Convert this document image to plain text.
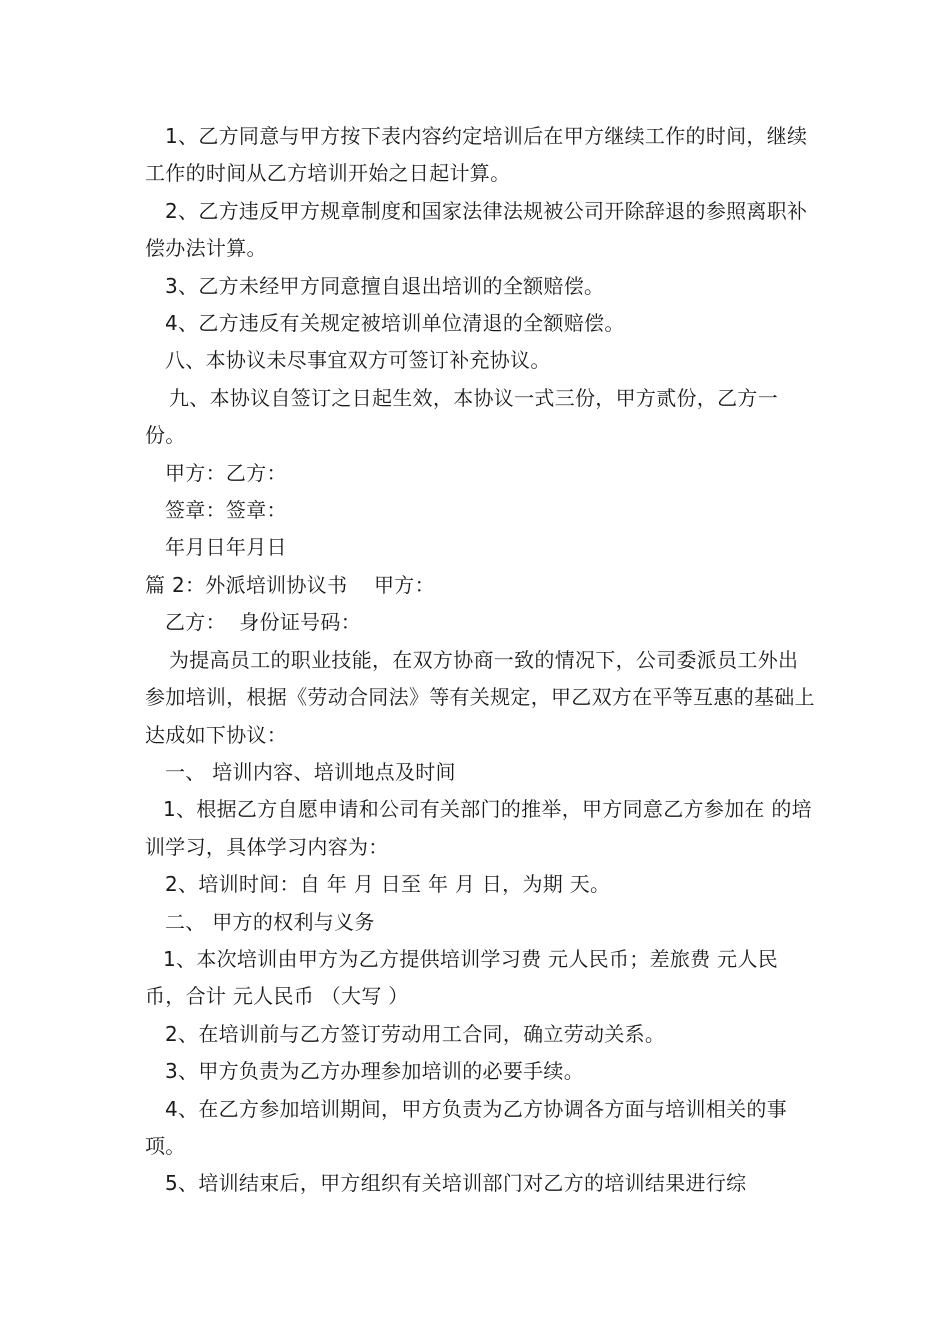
1、乙方同意与甲方按下表内容约定培训后在甲方继续工作的时间，继续工作的时间从乙方培训开始之日起计算。

2、乙方违反甲方规章制度和国家法律法规被公司开除辞退的参照离职补偿办法计算。

3、乙方未经甲方同意擅自退出培训的全额赔偿。

4、乙方违反有关规定被培训单位清退的全额赔偿。

八、本协议未尽事宜双方可签订补充协议。

九、本协议自签订之日起生效，本协议一式三份，甲方贰份，乙方一份。

甲方：乙方：

签章：签章：

年月日年月日

篇 2：外派培训协议书    甲方：

乙方：  身份证号码：

为提高员工的职业技能，在双方协商一致的情况下，公司委派员工外出参加培训，根据《劳动合同法》等有关规定，甲乙双方在平等互惠的基础上达成如下协议：

一、 培训内容、培训地点及时间

1、根据乙方自愿申请和公司有关部门的推举，甲方同意乙方参加在 的培训学习，具体学习内容为：

2、培训时间：自 年 月 日至 年 月 日，为期 天。

二、 甲方的权利与义务

1、本次培训由甲方为乙方提供培训学习费 元人民币；差旅费 元人民币，合计 元人民币 （大写 ）

2、在培训前与乙方签订劳动用工合同，确立劳动关系。

3、甲方负责为乙方办理参加培训的必要手续。

4、在乙方参加培训期间，甲方负责为乙方协调各方面与培训相关的事项。

5、培训结束后，甲方组织有关培训部门对乙方的培训结果进行综
